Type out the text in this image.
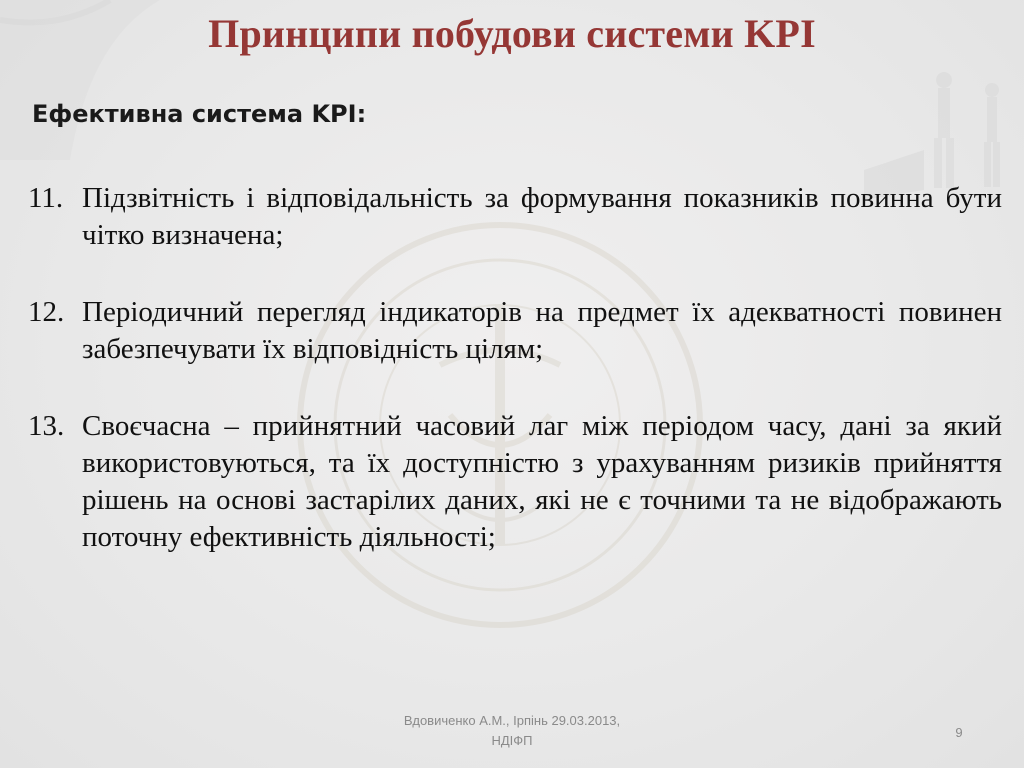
Принципи побудови системи KPI
Ефективна система KPI:
11. Підзвітність і відповідальність за формування показників повинна бути чітко визначена;
12. Періодичний перегляд індикаторів на предмет їх адекватності повинен забезпечувати їх відповідність цілям;
13. Своєчасна – прийнятний часовий лаг між періодом часу, дані за який використовуються, та їх доступністю з урахуванням ризиків прийняття рішень на основі застарілих даних, які не є точними та не відображають поточну ефективність діяльності;
Вдовиченко А.М., Ірпінь 29.03.2013,
НДІФП
9
